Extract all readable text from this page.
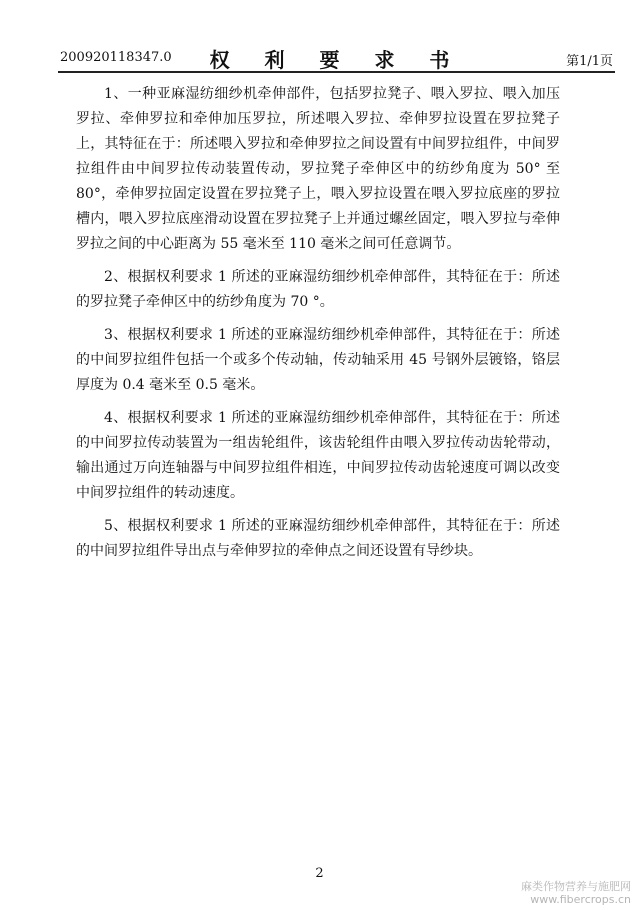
200920118347.0	权 利 要 求 书	第1/1页

1、一种亚麻湿纺细纱机牵伸部件，包括罗拉凳子、喂入罗拉、喂入加压罗拉、牵伸罗拉和牵伸加压罗拉，所述喂入罗拉、牵伸罗拉设置在罗拉凳子上，其特征在于：所述喂入罗拉和牵伸罗拉之间设置有中间罗拉组件，中间罗拉组件由中间罗拉传动装置传动，罗拉凳子牵伸区中的纺纱角度为 50° 至 80°，牵伸罗拉固定设置在罗拉凳子上，喂入罗拉设置在喂入罗拉底座的罗拉槽内，喂入罗拉底座滑动设置在罗拉凳子上并通过螺丝固定，喂入罗拉与牵伸罗拉之间的中心距离为 55 毫米至 110 毫米之间可任意调节。

2、根据权利要求 1 所述的亚麻湿纺细纱机牵伸部件，其特征在于：所述的罗拉凳子牵伸区中的纺纱角度为 70 °。

3、根据权利要求 1 所述的亚麻湿纺细纱机牵伸部件，其特征在于：所述的中间罗拉组件包括一个或多个传动轴，传动轴采用 45 号钢外层镀铬，铬层厚度为 0.4 毫米至 0.5 毫米。

4、根据权利要求 1 所述的亚麻湿纺细纱机牵伸部件，其特征在于：所述的中间罗拉传动装置为一组齿轮组件，该齿轮组件由喂入罗拉传动齿轮带动，输出通过万向连轴器与中间罗拉组件相连，中间罗拉传动齿轮速度可调以改变中间罗拉组件的转动速度。

5、根据权利要求 1 所述的亚麻湿纺细纱机牵伸部件，其特征在于：所述的中间罗拉组件导出点与牵伸罗拉的牵伸点之间还设置有导纱块。

2
麻类作物营养与施肥网
www.fibercrops.cn
